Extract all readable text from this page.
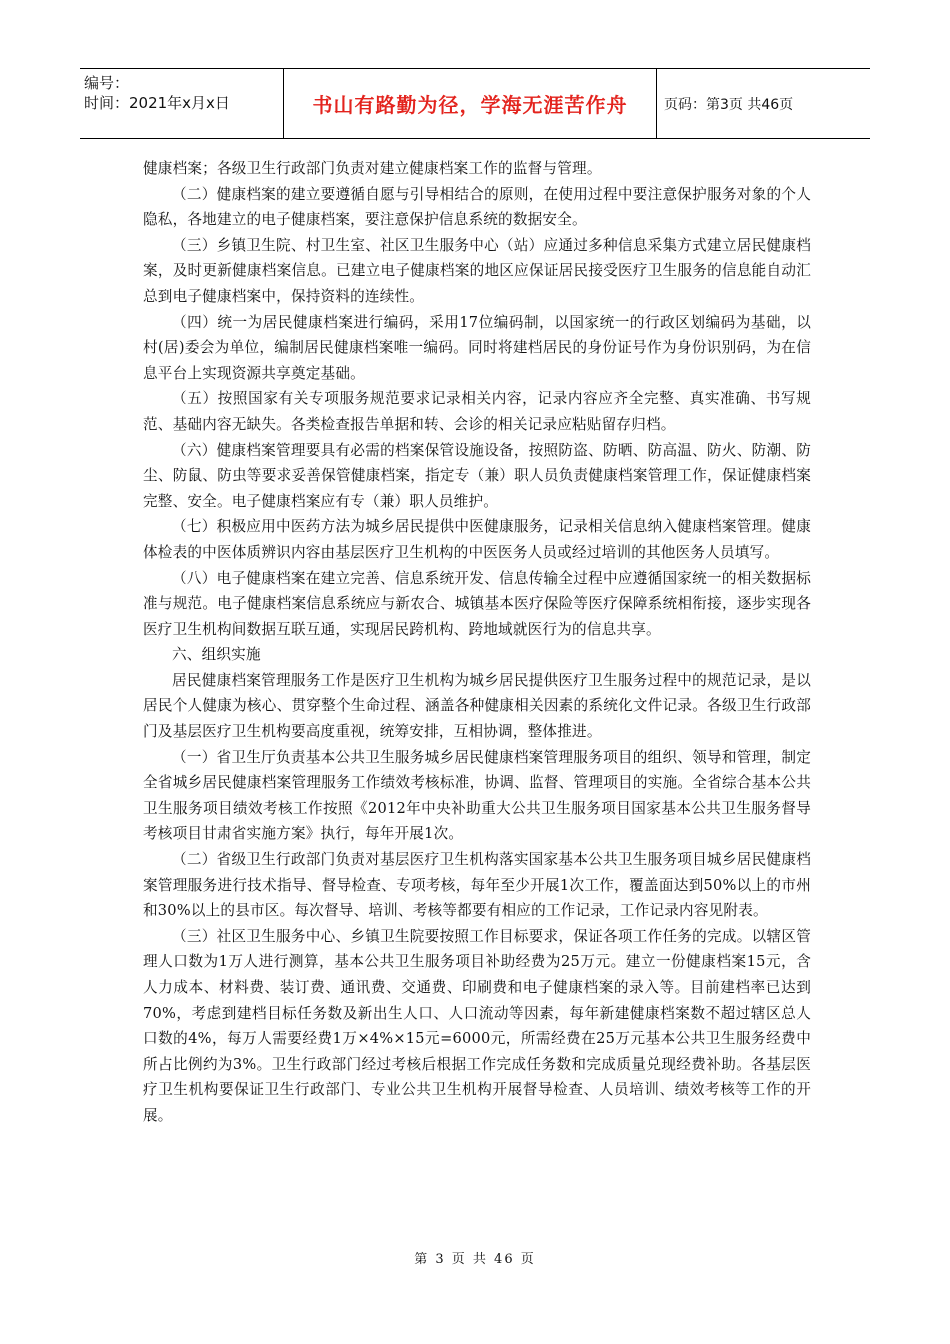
编号：
时间：2021年x月x日	书山有路勤为径，学海无涯苦作舟	页码：第3页 共46页

健康档案；各级卫生行政部门负责对建立健康档案工作的监督与管理。

（二）健康档案的建立要遵循自愿与引导相结合的原则，在使用过程中要注意保护服务对象的个人隐私，各地建立的电子健康档案，要注意保护信息系统的数据安全。

（三）乡镇卫生院、村卫生室、社区卫生服务中心（站）应通过多种信息采集方式建立居民健康档案，及时更新健康档案信息。已建立电子健康档案的地区应保证居民接受医疗卫生服务的信息能自动汇总到电子健康档案中，保持资料的连续性。

（四）统一为居民健康档案进行编码，采用17位编码制，以国家统一的行政区划编码为基础，以村(居)委会为单位，编制居民健康档案唯一编码。同时将建档居民的身份证号作为身份识别码，为在信息平台上实现资源共享奠定基础。

（五）按照国家有关专项服务规范要求记录相关内容，记录内容应齐全完整、真实准确、书写规范、基础内容无缺失。各类检查报告单据和转、会诊的相关记录应粘贴留存归档。

（六）健康档案管理要具有必需的档案保管设施设备，按照防盗、防晒、防高温、防火、防潮、防尘、防鼠、防虫等要求妥善保管健康档案，指定专（兼）职人员负责健康档案管理工作，保证健康档案完整、安全。电子健康档案应有专（兼）职人员维护。

（七）积极应用中医药方法为城乡居民提供中医健康服务，记录相关信息纳入健康档案管理。健康体检表的中医体质辨识内容由基层医疗卫生机构的中医医务人员或经过培训的其他医务人员填写。

（八）电子健康档案在建立完善、信息系统开发、信息传输全过程中应遵循国家统一的相关数据标准与规范。电子健康档案信息系统应与新农合、城镇基本医疗保险等医疗保障系统相衔接，逐步实现各医疗卫生机构间数据互联互通，实现居民跨机构、跨地域就医行为的信息共享。

六、组织实施

居民健康档案管理服务工作是医疗卫生机构为城乡居民提供医疗卫生服务过程中的规范记录，是以居民个人健康为核心、贯穿整个生命过程、涵盖各种健康相关因素的系统化文件记录。各级卫生行政部门及基层医疗卫生机构要高度重视，统筹安排，互相协调，整体推进。

（一）省卫生厅负责基本公共卫生服务城乡居民健康档案管理服务项目的组织、领导和管理，制定全省城乡居民健康档案管理服务工作绩效考核标准，协调、监督、管理项目的实施。全省综合基本公共卫生服务项目绩效考核工作按照《2012年中央补助重大公共卫生服务项目国家基本公共卫生服务督导考核项目甘肃省实施方案》执行，每年开展1次。

（二）省级卫生行政部门负责对基层医疗卫生机构落实国家基本公共卫生服务项目城乡居民健康档案管理服务进行技术指导、督导检查、专项考核，每年至少开展1次工作，覆盖面达到50%以上的市州和30%以上的县市区。每次督导、培训、考核等都要有相应的工作记录，工作记录内容见附表。

（三）社区卫生服务中心、乡镇卫生院要按照工作目标要求，保证各项工作任务的完成。以辖区管理人口数为1万人进行测算，基本公共卫生服务项目补助经费为25万元。建立一份健康档案15元，含人力成本、材料费、装订费、通讯费、交通费、印刷费和电子健康档案的录入等。目前建档率已达到70%，考虑到建档目标任务数及新出生人口、人口流动等因素，每年新建健康档案数不超过辖区总人口数的4%，每万人需要经费1万×4%×15元=6000元，所需经费在25万元基本公共卫生服务经费中所占比例约为3%。卫生行政部门经过考核后根据工作完成任务数和完成质量兑现经费补助。各基层医疗卫生机构要保证卫生行政部门、专业公共卫生机构开展督导检查、人员培训、绩效考核等工作的开展。

第 3 页 共 46 页
